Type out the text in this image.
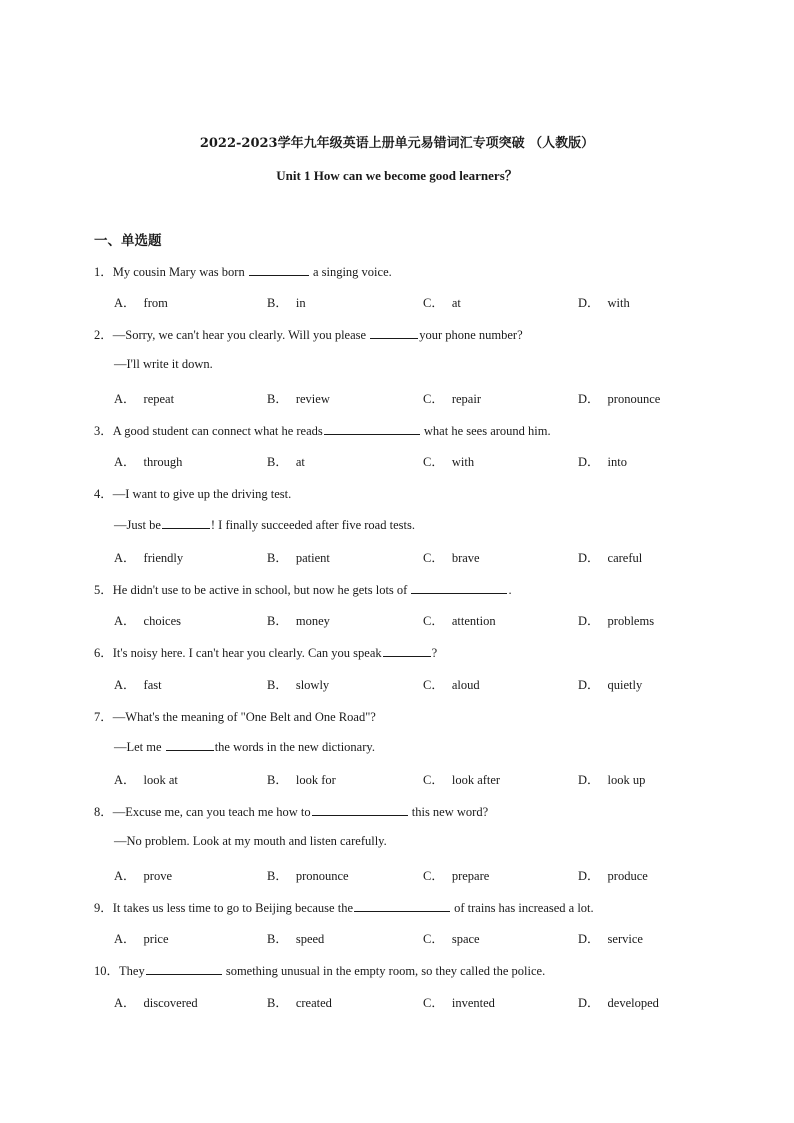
2022-2023学年九年级英语上册单元易错词汇专项突破 （人教版）
Unit 1 How can we become good learners？
一、单选题
1．My cousin Mary was born	a singing voice.
A． from	B． in	C． at	D． with
2．—Sorry, we can't hear you clearly. Will you please	your phone number?
—I'll write it down.
A． repeat	B． review	C． repair	D． pronounce
3．A good student can connect what he reads	what he sees around him.
A． through	B． at	C． with	D． into
4．—I want to give up the driving test.
—Just be	! I finally succeeded after five road tests.
A． friendly	B． patient	C． brave	D． careful
5．He didn't use to be active in school, but now he gets lots of	.
A． choices	B． money	C． attention	D． problems
6．It's noisy here. I can't hear you clearly. Can you speak	?
A． fast	B． slowly	C． aloud	D． quietly
7．—What's the meaning of "One Belt and One Road"?
—Let me	the words in the new dictionary.
A． look at	B． look for	C． look after	D． look up
8．—Excuse me, can you teach me how to	this new word?
—No problem. Look at my mouth and listen carefully.
A． prove	B． pronounce	C． prepare	D． produce
9．It takes us less time to go to Beijing because the	of trains has increased a lot.
A． price	B． speed	C． space	D． service
10．They	something unusual in the empty room, so they called the police.
A． discovered	B． created	C． invented	D． developed
